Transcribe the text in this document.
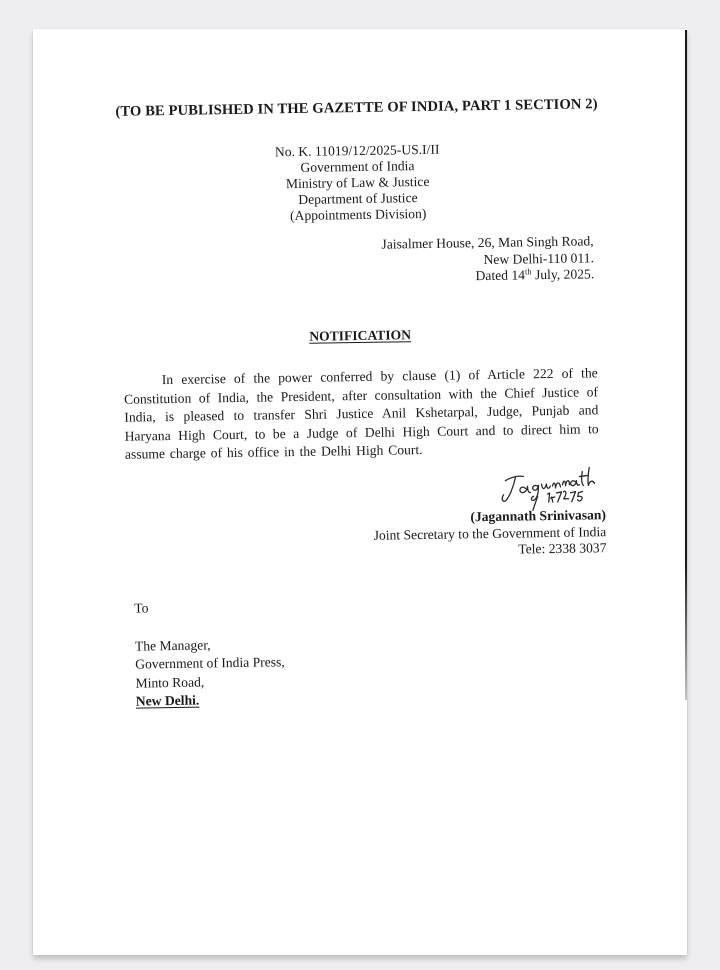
(TO BE PUBLISHED IN THE GAZETTE OF INDIA, PART 1 SECTION 2)
No. K. 11019/12/2025-US.I/II
Government of India
Ministry of Law & Justice
Department of Justice
(Appointments Division)
Jaisalmer House, 26, Man Singh Road,
New Delhi-110 011.
Dated 14th July, 2025.
NOTIFICATION
In exercise of the power conferred by clause (1) of Article 222 of the Constitution of India, the President, after consultation with the Chief Justice of India, is pleased to transfer Shri Justice Anil Kshetarpal, Judge, Punjab and Haryana High Court, to be a Judge of Delhi High Court and to direct him to assume charge of his office in the Delhi High Court.
(Jagannath Srinivasan)
Joint Secretary to the Government of India
Tele: 2338 3037
To
The Manager,
Government of India Press,
Minto Road,
New Delhi.
